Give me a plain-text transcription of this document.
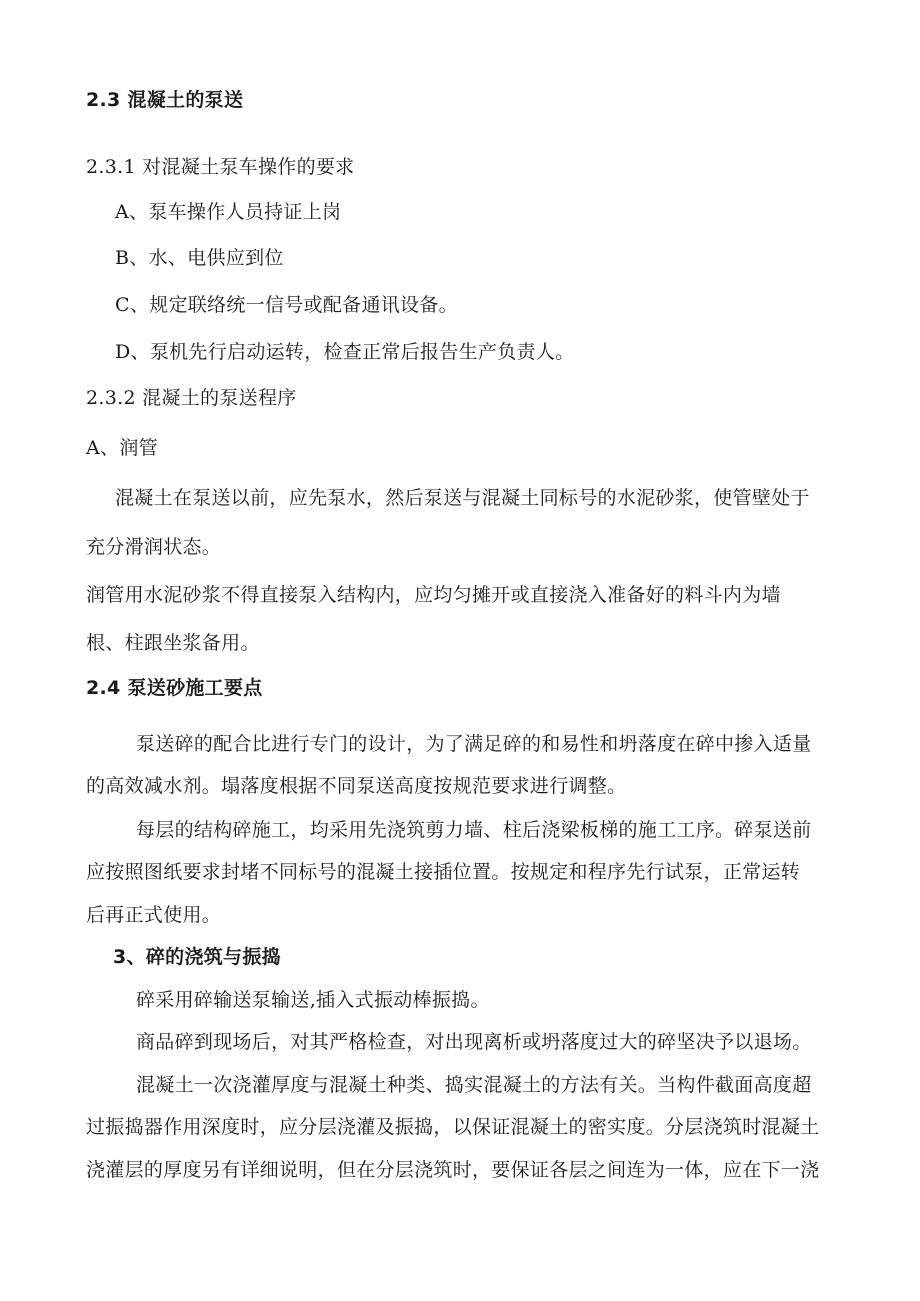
2.3 混凝土的泵送

2.3.1 对混凝土泵车操作的要求

A、泵车操作人员持证上岗

B、水、电供应到位

C、规定联络统一信号或配备通讯设备。

D、泵机先行启动运转，检查正常后报告生产负责人。

2.3.2 混凝土的泵送程序

A、润管

混凝土在泵送以前，应先泵水，然后泵送与混凝土同标号的水泥砂浆，使管壁处于

充分滑润状态。

润管用水泥砂浆不得直接泵入结构内，应均匀摊开或直接浇入准备好的料斗内为墙

根、柱跟坐浆备用。

2.4 泵送砂施工要点

泵送碎的配合比进行专门的设计，为了满足碎的和易性和坍落度在碎中掺入适量

的高效减水剂。塌落度根据不同泵送高度按规范要求进行调整。

每层的结构碎施工，均采用先浇筑剪力墙、柱后浇梁板梯的施工工序。碎泵送前

应按照图纸要求封堵不同标号的混凝土接插位置。按规定和程序先行试泵，正常运转

后再正式使用。

3、碎的浇筑与振捣

碎采用碎输送泵输送,插入式振动棒振捣。

商品碎到现场后，对其严格检查，对出现离析或坍落度过大的碎坚决予以退场。

混凝土一次浇灌厚度与混凝土种类、捣实混凝土的方法有关。当构件截面高度超

过振捣器作用深度时，应分层浇灌及振捣，以保证混凝土的密实度。分层浇筑时混凝土

浇灌层的厚度另有详细说明，但在分层浇筑时，要保证各层之间连为一体，应在下一浇
